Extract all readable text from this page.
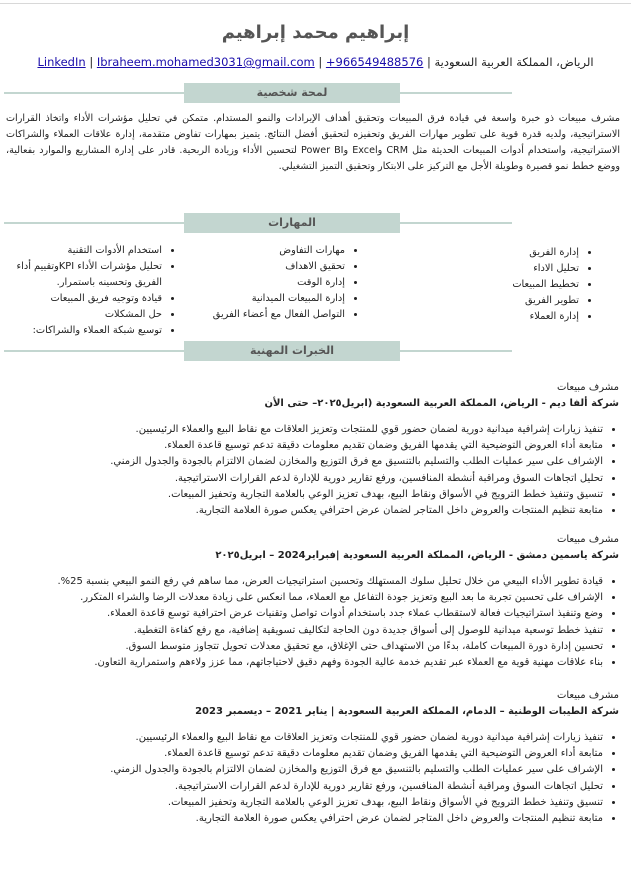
إبراهيم محمد إبراهيم
الرياض، المملكة العربية السعودية | LinkedIn | Ibraheem.mohamed3031@gmail.com | +966549488576
لمحة شخصية
مشرف مبيعات ذو خبرة واسعة في قيادة فرق المبيعات وتحقيق أهداف الإيرادات والنمو المستدام. متمكن في تحليل مؤشرات الأداء واتخاذ القرارات الاستراتيجية، ولديه قدرة قوية على تطوير مهارات الفريق وتحفيزه لتحقيق أفضل النتائج. يتميز بمهارات تفاوض متقدمة، إدارة علاقات العملاء والشراكات الاستراتيجية، واستخدام أدوات المبيعات الحديثة مثل CRM وExcel وPower BI لتحسين الأداء وزيادة الربحية. قادر على إدارة المشاريع والموارد بفعالية، ووضع خطط نمو قصيرة وطويلة الأجل مع التركيز على الابتكار وتحقيق التميز التشغيلي.
المهارات
• إدارة الفريق
• تحليل الاداء
• تخطيط المبيعات
• تطوير الفريق
• إدارة العملاء
• مهارات التفاوض
• تحقيق الاهداف
• إدارة الوقت
• إدارة المبيعات الميدانية
• التواصل الفعال مع أعضاء الفريق
• استخدام الأدوات التقنية
• تحليل مؤشرات الأداء KPIوتقييم أداء الفريق وتحسينه باستمرار.
• قيادة وتوجيه فريق المبيعات
• حل المشكلات
• توسيع شبكة العملاء والشراكات:
الخبرات المهنية
مشرف مبيعات
شركة ألفا ديم - الرياض، المملكة العربية السعودية (ابريل٢٠٢٥– حتى الأن
• تنفيذ زيارات إشرافية ميدانية دورية لضمان حضور قوي للمنتجات وتعزيز العلاقات مع نقاط البيع والعملاء الرئيسيين.
• متابعة أداء العروض التوضيحية التي يقدمها الفريق وضمان تقديم معلومات دقيقة تدعم توسيع قاعدة العملاء.
• الإشراف على سير عمليات الطلب والتسليم بالتنسيق مع فرق التوزيع والمخازن لضمان الالتزام بالجودة والجدول الزمني.
• تحليل اتجاهات السوق ومراقبة أنشطة المنافسين، ورفع تقارير دورية للإدارة لدعم القرارات الاستراتيجية.
• تنسيق وتنفيذ خطط الترويج في الأسواق ونقاط البيع، بهدف تعزيز الوعي بالعلامة التجارية وتحفيز المبيعات.
• متابعة تنظيم المنتجات والعروض داخل المتاجر لضمان عرض احترافي يعكس صورة العلامة التجارية.
مشرف مبيعات
شركة ياسمين دمشق - الرياض، المملكة العربية السعودية |فبراير2024 – ابريل٢٠٢٥
• قيادة تطوير الأداء البيعي من خلال تحليل سلوك المستهلك وتحسين استراتيجيات العرض، مما ساهم في رفع النمو البيعي بنسبة 25%.
• الإشراف على تحسين تجربة ما بعد البيع وتعزيز جودة التفاعل مع العملاء، مما انعكس على زيادة معدلات الرضا والشراء المتكرر.
• وضع وتنفيذ استراتيجيات فعالة لاستقطاب عملاء جدد باستخدام أدوات تواصل وتقنيات عرض احترافية توسع قاعدة العملاء.
• تنفيذ خطط توسعية ميدانية للوصول إلى أسواق جديدة دون الحاجة لتكاليف تسويقية إضافية، مع رفع كفاءة التغطية.
• تحسين إدارة دورة المبيعات كاملة، بدءًا من الاستهداف حتى الإغلاق، مع تحقيق معدلات تحويل تتجاوز متوسط السوق.
• بناء علاقات مهنية قوية مع العملاء عبر تقديم خدمة عالية الجودة وفهم دقيق لاحتياجاتهم، مما عزز ولاءهم واستمرارية التعاون.
مشرف مبيعات
شركة الطيبات الوطنية – الدمام، المملكة العربية السعودية | يناير 2021 – ديسمبر 2023
• تنفيذ زيارات إشرافية ميدانية دورية لضمان حضور قوي للمنتجات وتعزيز العلاقات مع نقاط البيع والعملاء الرئيسيين.
• متابعة أداء العروض التوضيحية التي يقدمها الفريق وضمان تقديم معلومات دقيقة تدعم توسيع قاعدة العملاء.
• الإشراف على سير عمليات الطلب والتسليم بالتنسيق مع فرق التوزيع والمخازن لضمان الالتزام بالجودة والجدول الزمني.
• تحليل اتجاهات السوق ومراقبة أنشطة المنافسين، ورفع تقارير دورية للإدارة لدعم القرارات الاستراتيجية.
• تنسيق وتنفيذ خطط الترويج في الأسواق ونقاط البيع، بهدف تعزيز الوعي بالعلامة التجارية وتحفيز المبيعات.
• متابعة تنظيم المنتجات والعروض داخل المتاجر لضمان عرض احترافي يعكس صورة العلامة التجارية.
